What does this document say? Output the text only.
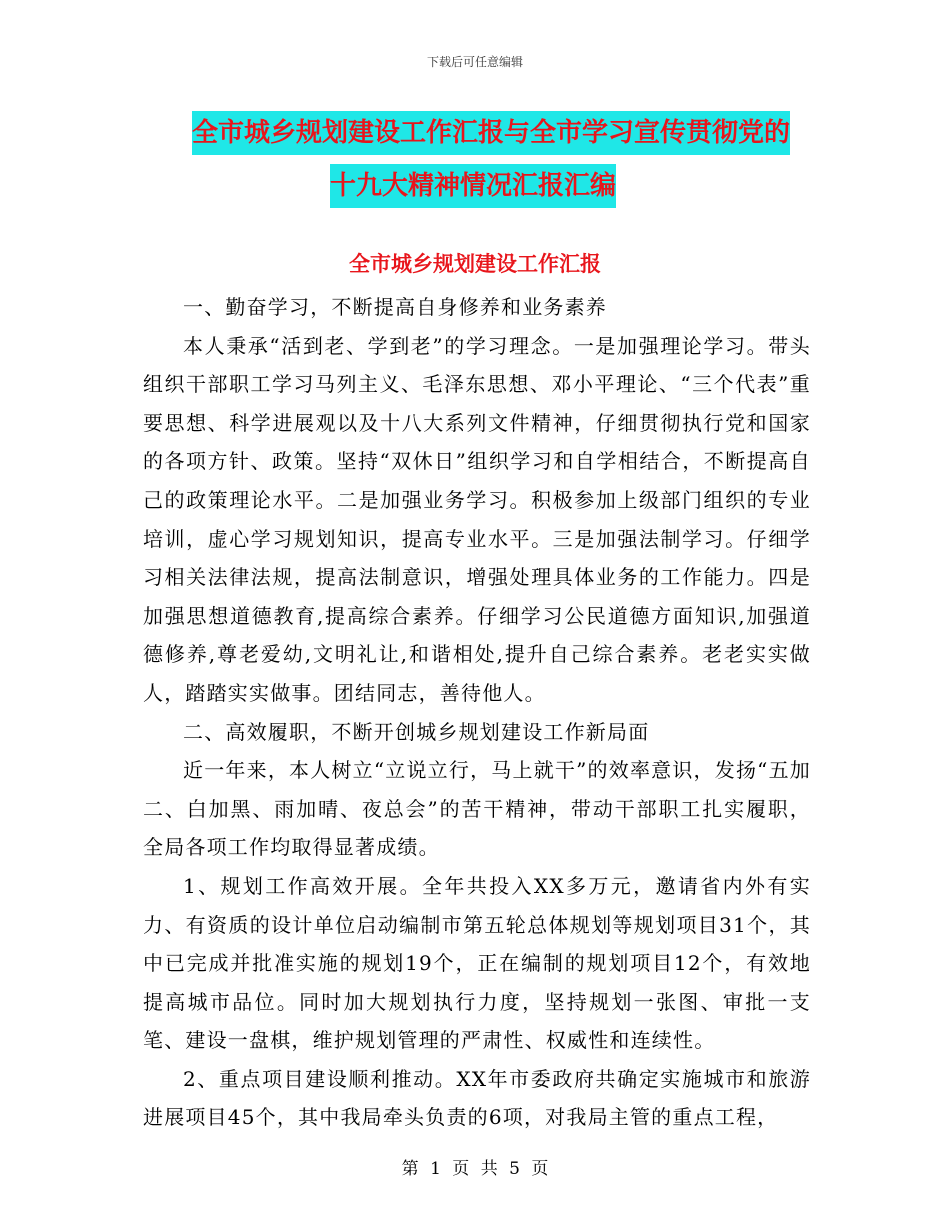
下载后可任意编辑
全市城乡规划建设工作汇报与全市学习宣传贯彻党的
十九大精神情况汇报汇编
全市城乡规划建设工作汇报

一、勤奋学习，不断提高自身修养和业务素养

本人秉承“活到老、学到老”的学习理念。一是加强理论学习。带头组织干部职工学习马列主义、毛泽东思想、邓小平理论、“三个代表”重要思想、科学进展观以及十八大系列文件精神，仔细贯彻执行党和国家的各项方针、政策。坚持“双休日”组织学习和自学相结合，不断提高自己的政策理论水平。二是加强业务学习。积极参加上级部门组织的专业培训，虚心学习规划知识，提高专业水平。三是加强法制学习。仔细学习相关法律法规，提高法制意识，增强处理具体业务的工作能力。四是加强思想道德教育,提高综合素养。仔细学习公民道德方面知识,加强道德修养,尊老爱幼,文明礼让,和谐相处,提升自己综合素养。老老实实做人，踏踏实实做事。团结同志，善待他人。

二、高效履职，不断开创城乡规划建设工作新局面

近一年来，本人树立“立说立行，马上就干”的效率意识，发扬“五加二、白加黑、雨加晴、夜总会”的苦干精神，带动干部职工扎实履职，全局各项工作均取得显著成绩。

1、规划工作高效开展。全年共投入XX多万元，邀请省内外有实力、有资质的设计单位启动编制市第五轮总体规划等规划项目31个，其中已完成并批准实施的规划19个，正在编制的规划项目12个，有效地提高城市品位。同时加大规划执行力度，坚持规划一张图、审批一支笔、建设一盘棋，维护规划管理的严肃性、权威性和连续性。

2、重点项目建设顺利推动。XX年市委政府共确定实施城市和旅游进展项目45个，其中我局牵头负责的6项，对我局主管的重点工程，

第 1 页 共 5 页
